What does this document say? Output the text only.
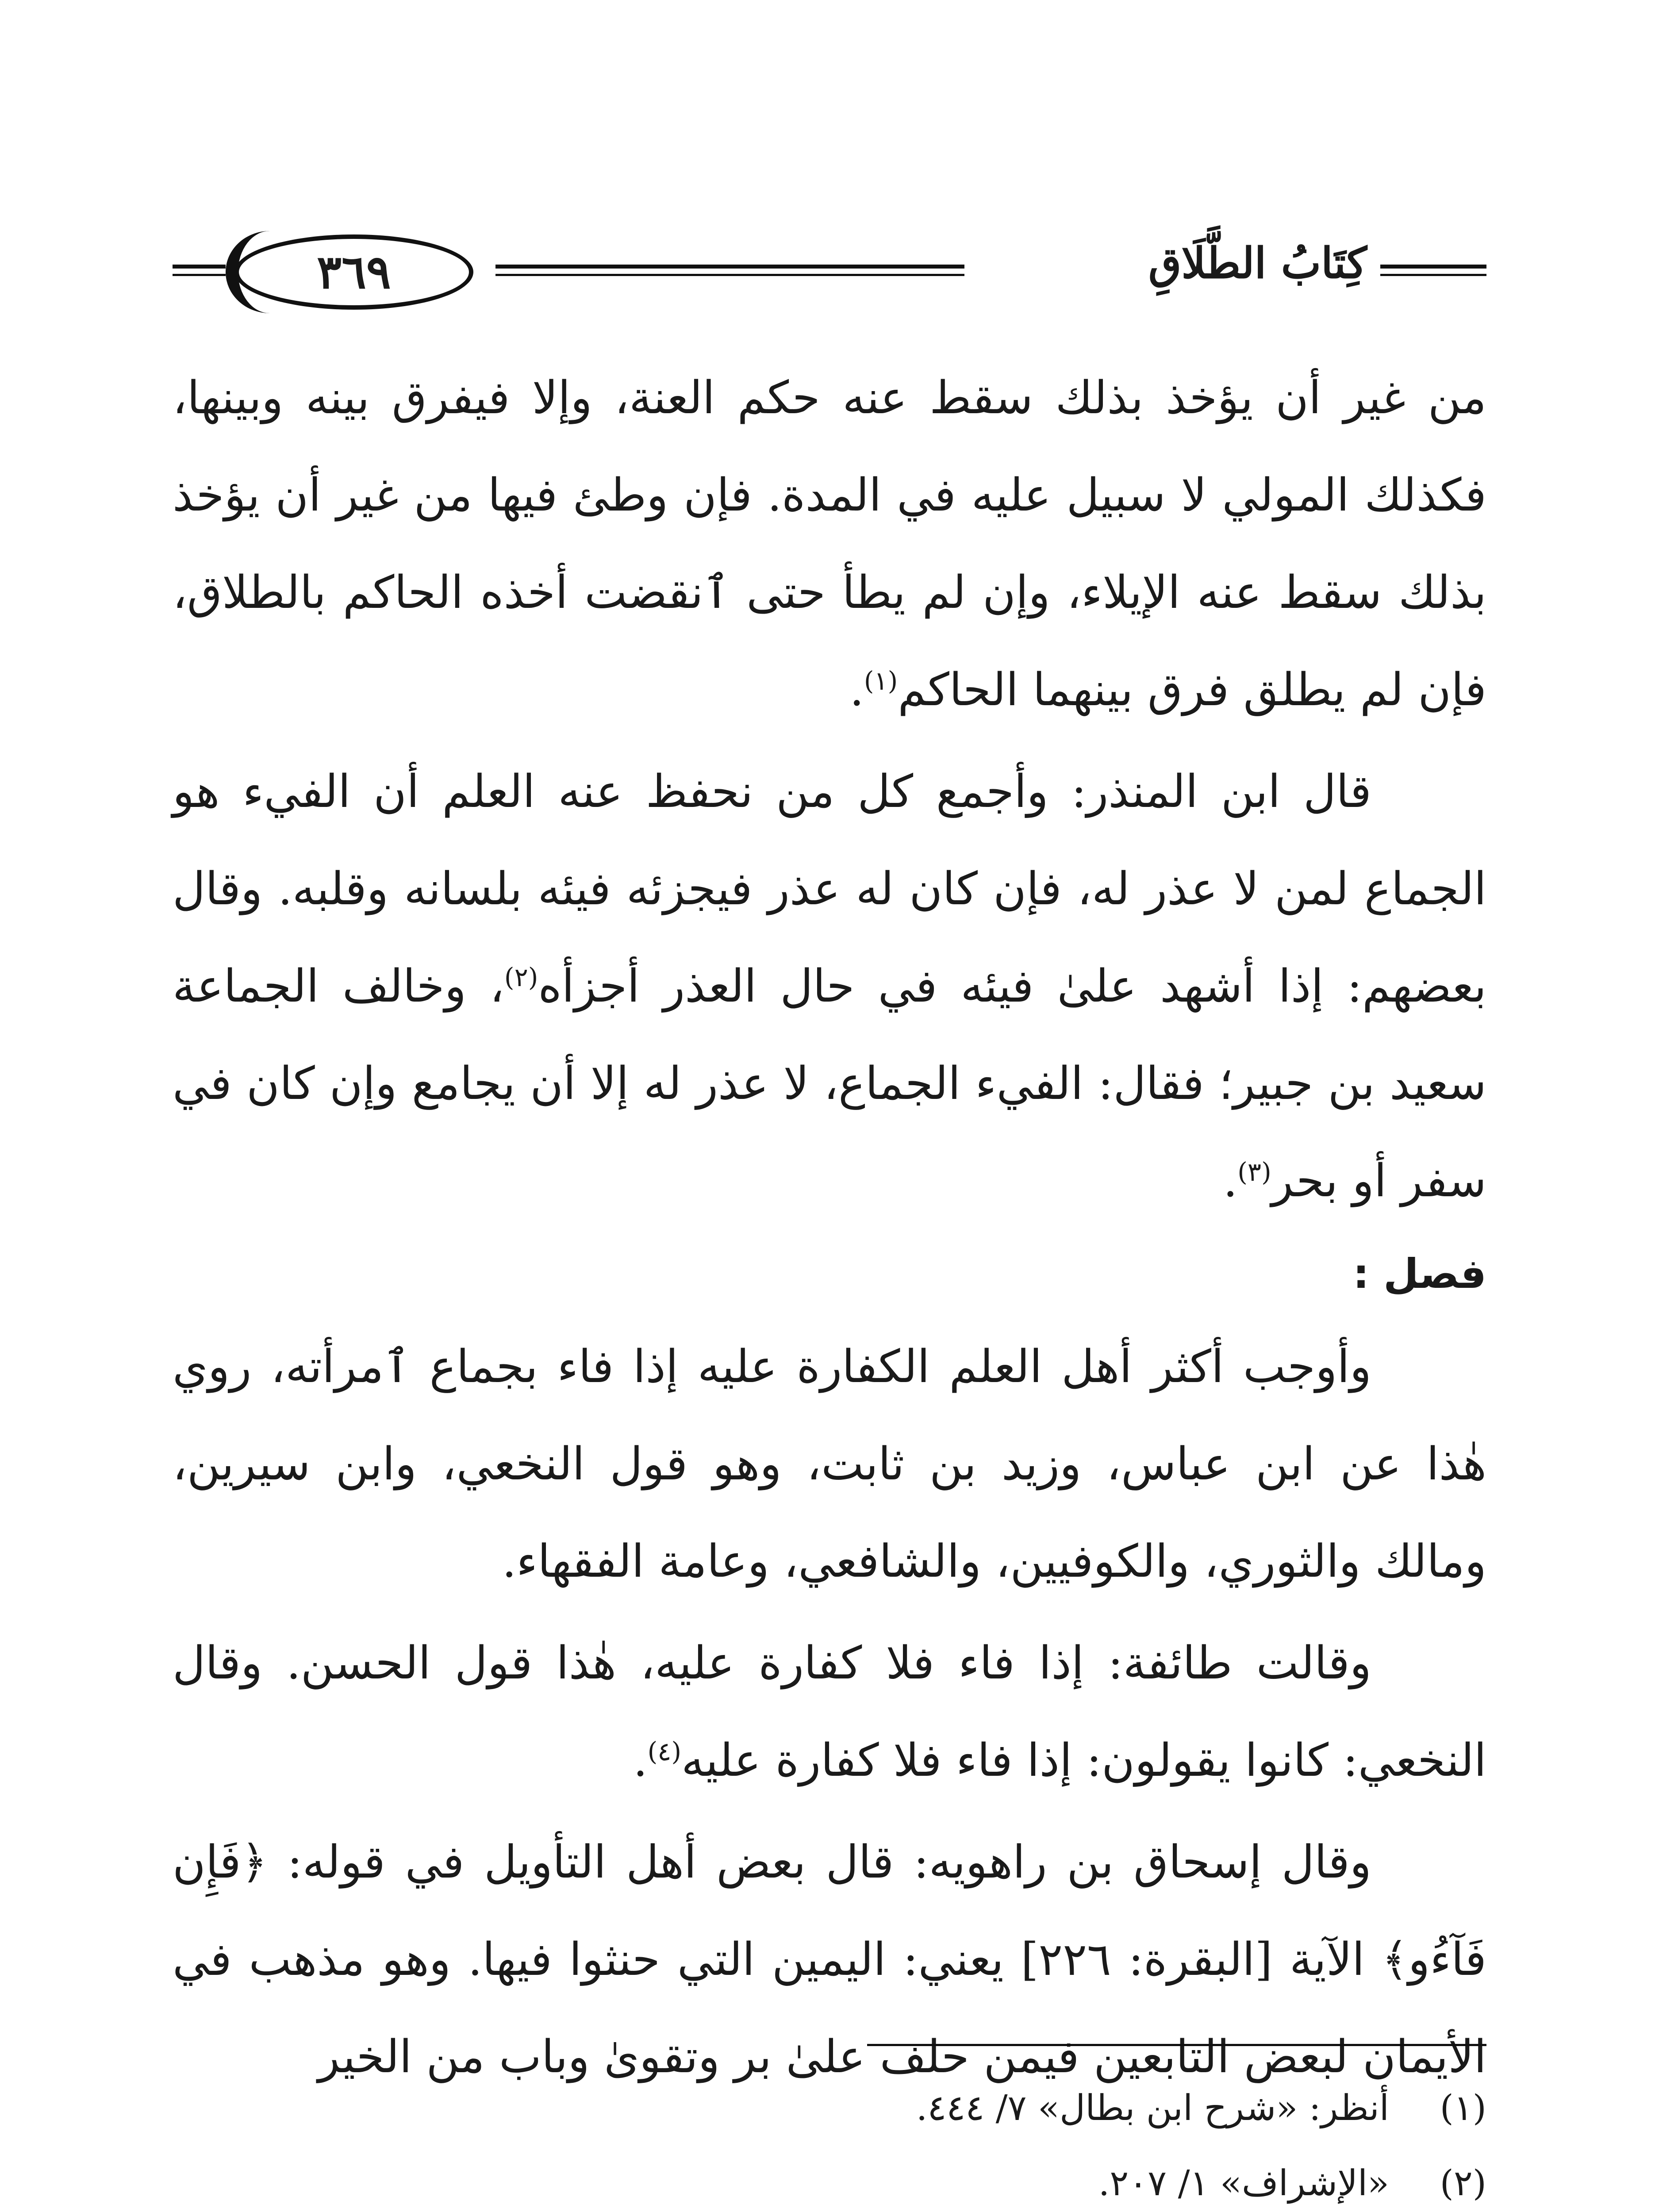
كِتَابُ الطَّلَاقِ
٣٦٩

من غير أن يؤخذ بذلك سقط عنه حكم العنة، وإلا فيفرق بينه وبينها، فكذلك المولي لا سبيل عليه في المدة. فإن وطئ فيها من غير أن يؤخذ بذلك سقط عنه الإيلاء، وإن لم يطأ حتى ٱنقضت أخذه الحاكم بالطلاق، فإن لم يطلق فرق بينهما الحاكم$^{(١)}$.

قال ابن المنذر: وأجمع كل من نحفظ عنه العلم أن الفيء هو الجماع لمن لا عذر له، فإن كان له عذر فيجزئه فيئه بلسانه وقلبه. وقال بعضهم: إذا أشهد علىٰ فيئه في حال العذر أجزأه$^{(٢)}$، وخالف الجماعة سعيد بن جبير؛ فقال: الفيء الجماع، لا عذر له إلا أن يجامع وإن كان في سفر أو بحر$^{(٣)}$.

فصل :

وأوجب أكثر أهل العلم الكفارة عليه إذا فاء بجماع ٱمرأته، روي هٰذا عن ابن عباس، وزيد بن ثابت، وهو قول النخعي، وابن سيرين، ومالك والثوري، والكوفيين، والشافعي، وعامة الفقهاء.

وقالت طائفة: إذا فاء فلا كفارة عليه، هٰذا قول الحسن. وقال النخعي: كانوا يقولون: إذا فاء فلا كفارة عليه$^{(٤)}$.

وقال إسحاق بن راهويه: قال بعض أهل التأويل في قوله: ﴿فَإِن فَآءُو﴾ الآية [البقرة: ٢٢٦] يعني: اليمين التي حنثوا فيها. وهو مذهب في الأيمان لبعض التابعين فيمن حلف علىٰ بر وتقوىٰ وباب من الخير

(١)
أنظر: «شرح ابن بطال» ٧/ ٤٤٤.
(٢)
«الإشراف» ١/ ٢٠٧.
